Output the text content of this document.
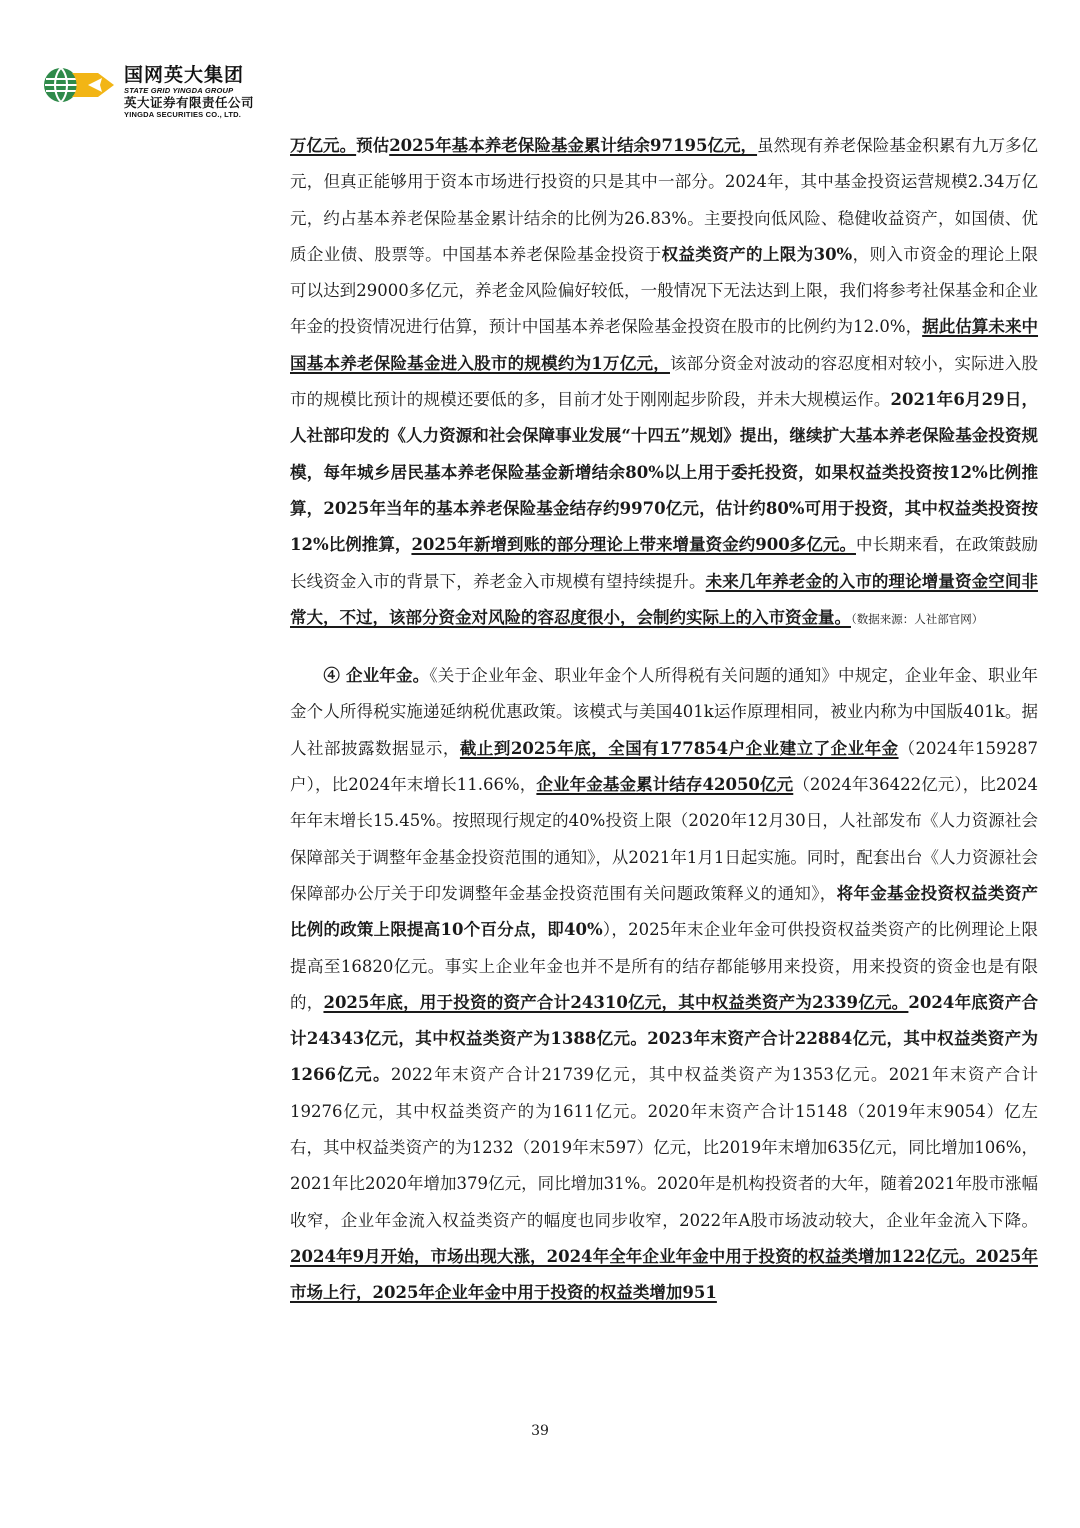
国网英大集团
STATE GRID YINGDA GROUP
英大证券有限责任公司
YINGDA SECURITIES CO., LTD.

万亿元。预估2025年基本养老保险基金累计结余97195亿元，虽然现有养老保险基金积累有九万多亿元，但真正能够用于资本市场进行投资的只是其中一部分。2024年，其中基金投资运营规模2.34万亿元，约占基本养老保险基金累计结余的比例为26.83%。主要投向低风险、稳健收益资产，如国债、优质企业债、股票等。中国基本养老保险基金投资于权益类资产的上限为30%，则入市资金的理论上限可以达到29000多亿元，养老金风险偏好较低，一般情况下无法达到上限，我们将参考社保基金和企业年金的投资情况进行估算，预计中国基本养老保险基金投资在股市的比例约为12.0%，据此估算未来中国基本养老保险基金进入股市的规模约为1万亿元，该部分资金对波动的容忍度相对较小，实际进入股市的规模比预计的规模还要低的多，目前才处于刚刚起步阶段，并未大规模运作。2021年6月29日，人社部印发的《人力资源和社会保障事业发展“十四五”规划》提出，继续扩大基本养老保险基金投资规模，每年城乡居民基本养老保险基金新增结余80%以上用于委托投资，如果权益类投资按12%比例推算，2025年当年的基本养老保险基金结存约9970亿元，估计约80%可用于投资，其中权益类投资按12%比例推算，2025年新增到账的部分理论上带来增量资金约900多亿元。中长期来看，在政策鼓励长线资金入市的背景下，养老金入市规模有望持续提升。未来几年养老金的入市的理论增量资金空间非常大，不过，该部分资金对风险的容忍度很小，会制约实际上的入市资金量。（数据来源：人社部官网）

　　④ 企业年金。《关于企业年金、职业年金个人所得税有关问题的通知》中规定，企业年金、职业年金个人所得税实施递延纳税优惠政策。该模式与美国401k运作原理相同，被业内称为中国版401k。据人社部披露数据显示，截止到2025年底，全国有177854户企业建立了企业年金（2024年159287户），比2024年末增长11.66%，企业年金基金累计结存42050亿元（2024年36422亿元），比2024年年末增长15.45%。按照现行规定的40%投资上限（2020年12月30日，人社部发布《人力资源社会保障部关于调整年金基金投资范围的通知》，从2021年1月1日起实施。同时，配套出台《人力资源社会保障部办公厅关于印发调整年金基金投资范围有关问题政策释义的通知》，将年金基金投资权益类资产比例的政策上限提高10个百分点，即40%），2025年末企业年金可供投资权益类资产的比例理论上限提高至16820亿元。事实上企业年金也并不是所有的结存都能够用来投资，用来投资的资金也是有限的，2025年底，用于投资的资产合计24310亿元，其中权益类资产为2339亿元。2024年底资产合计24343亿元，其中权益类资产为1388亿元。2023年末资产合计22884亿元，其中权益类资产为1266亿元。2022年末资产合计21739亿元，其中权益类资产为1353亿元。2021年末资产合计19276亿元，其中权益类资产的为1611亿元。2020年末资产合计15148（2019年末9054）亿左右，其中权益类资产的为1232（2019年末597）亿元，比2019年末增加635亿元，同比增加106%，2021年比2020年增加379亿元，同比增加31%。2020年是机构投资者的大年，随着2021年股市涨幅收窄，企业年金流入权益类资产的幅度也同步收窄，2022年A股市场波动较大，企业年金流入下降。2024年9月开始，市场出现大涨，2024年全年企业年金中用于投资的权益类增加122亿元。2025年市场上行，2025年企业年金中用于投资的权益类增加951

39
